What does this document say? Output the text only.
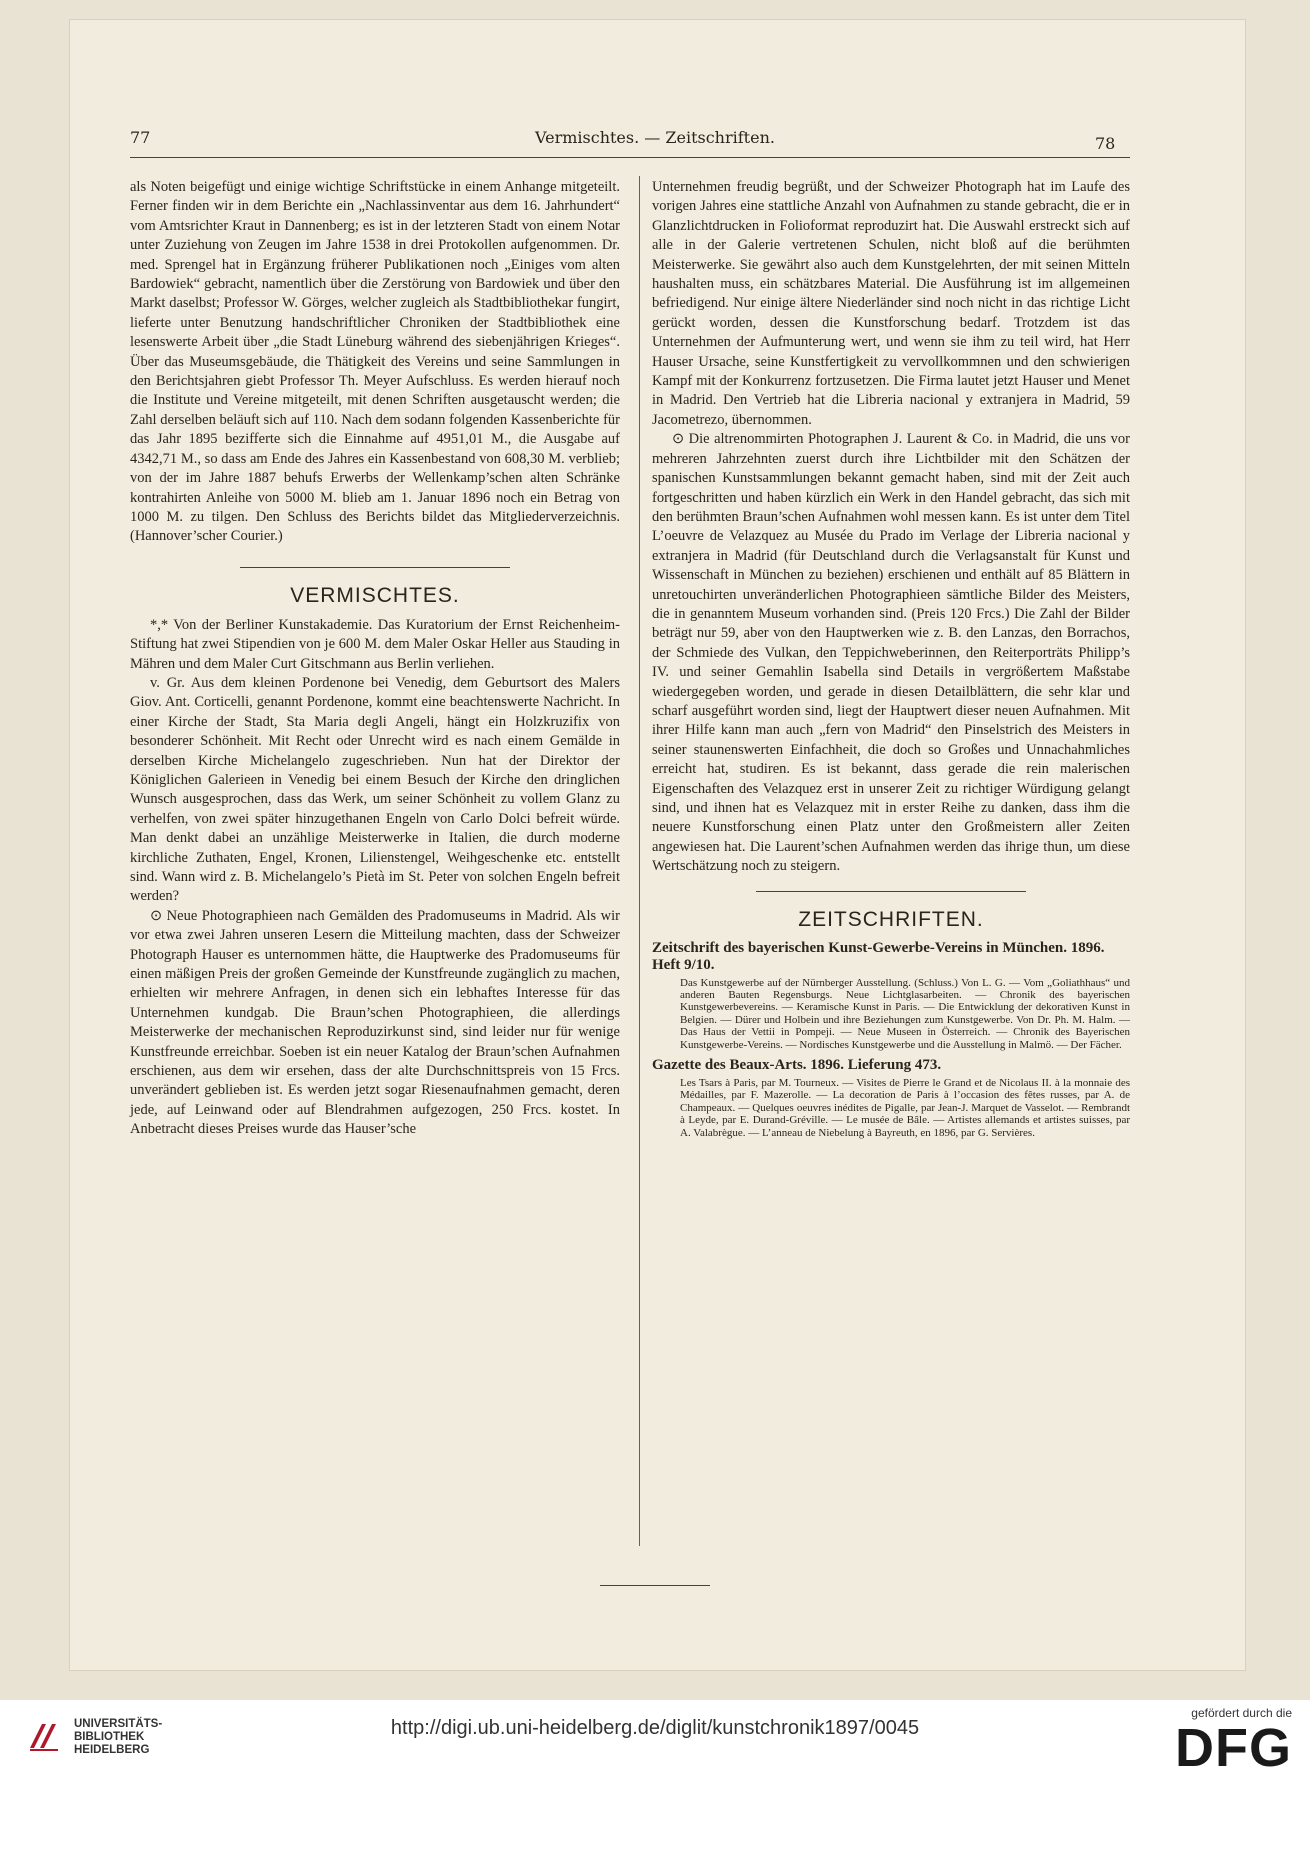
77	Vermischtes. — Zeitschriften.	78

als Noten beigefügt und einige wichtige Schriftstücke in einem Anhange mitgeteilt. Ferner finden wir in dem Berichte ein „Nachlassinventar aus dem 16. Jahrhundert“ vom Amtsrichter Kraut in Dannenberg; es ist in der letzteren Stadt von einem Notar unter Zuziehung von Zeugen im Jahre 1538 in drei Protokollen aufgenommen. Dr. med. Sprengel hat in Ergänzung früherer Publikationen noch „Einiges vom alten Bardowiek“ gebracht, namentlich über die Zerstörung von Bardowiek und über den Markt daselbst; Professor W. Görges, welcher zugleich als Stadtbibliothekar fungirt, lieferte unter Benutzung handschriftlicher Chroniken der Stadtbibliothek eine lesenswerte Arbeit über „die Stadt Lüneburg während des siebenjährigen Krieges“. Über das Museumsgebäude, die Thätigkeit des Vereins und seine Sammlungen in den Berichtsjahren giebt Professor Th. Meyer Aufschluss. Es werden hierauf noch die Institute und Vereine mitgeteilt, mit denen Schriften ausgetauscht werden; die Zahl derselben beläuft sich auf 110. Nach dem sodann folgenden Kassenberichte für das Jahr 1895 bezifferte sich die Einnahme auf 4951,01 M., die Ausgabe auf 4342,71 M., so dass am Ende des Jahres ein Kassenbestand von 608,30 M. verblieb; von der im Jahre 1887 behufs Erwerbs der Wellenkamp’schen alten Schränke kontrahirten Anleihe von 5000 M. blieb am 1. Januar 1896 noch ein Betrag von 1000 M. zu tilgen. Den Schluss des Berichts bildet das Mitgliederverzeichnis. (Hannover’scher Courier.)

VERMISCHTES.

*,* Von der Berliner Kunstakademie. Das Kuratorium der Ernst Reichenheim-Stiftung hat zwei Stipendien von je 600 M. dem Maler Oskar Heller aus Stauding in Mähren und dem Maler Curt Gitschmann aus Berlin verliehen.

v. Gr. Aus dem kleinen Pordenone bei Venedig, dem Geburtsort des Malers Giov. Ant. Corticelli, genannt Pordenone, kommt eine beachtenswerte Nachricht. In einer Kirche der Stadt, Sta Maria degli Angeli, hängt ein Holzkruzifix von besonderer Schönheit. Mit Recht oder Unrecht wird es nach einem Gemälde in derselben Kirche Michelangelo zugeschrieben. Nun hat der Direktor der Königlichen Galerieen in Venedig bei einem Besuch der Kirche den dringlichen Wunsch ausgesprochen, dass das Werk, um seiner Schönheit zu vollem Glanz zu verhelfen, von zwei später hinzugethanen Engeln von Carlo Dolci befreit würde. Man denkt dabei an unzählige Meisterwerke in Italien, die durch moderne kirchliche Zuthaten, Engel, Kronen, Lilienstengel, Weihgeschenke etc. entstellt sind. Wann wird z. B. Michelangelo’s Pietà im St. Peter von solchen Engeln befreit werden?

⊙ Neue Photographieen nach Gemälden des Pradomuseums in Madrid. Als wir vor etwa zwei Jahren unseren Lesern die Mitteilung machten, dass der Schweizer Photograph Hauser es unternommen hätte, die Hauptwerke des Pradomuseums für einen mäßigen Preis der großen Gemeinde der Kunstfreunde zugänglich zu machen, erhielten wir mehrere Anfragen, in denen sich ein lebhaftes Interesse für das Unternehmen kundgab. Die Braun’schen Photographieen, die allerdings Meisterwerke der mechanischen Reproduzirkunst sind, sind leider nur für wenige Kunstfreunde erreichbar. Soeben ist ein neuer Katalog der Braun’schen Aufnahmen erschienen, aus dem wir ersehen, dass der alte Durchschnittspreis von 15 Frcs. unverändert geblieben ist. Es werden jetzt sogar Riesenaufnahmen gemacht, deren jede, auf Leinwand oder auf Blendrahmen aufgezogen, 250 Frcs. kostet. In Anbetracht dieses Preises wurde das Hauser’sche

Unternehmen freudig begrüßt, und der Schweizer Photograph hat im Laufe des vorigen Jahres eine stattliche Anzahl von Aufnahmen zu stande gebracht, die er in Glanzlichtdrucken in Folioformat reproduzirt hat. Die Auswahl erstreckt sich auf alle in der Galerie vertretenen Schulen, nicht bloß auf die berühmten Meisterwerke. Sie gewährt also auch dem Kunstgelehrten, der mit seinen Mitteln haushalten muss, ein schätzbares Material. Die Ausführung ist im allgemeinen befriedigend. Nur einige ältere Niederländer sind noch nicht in das richtige Licht gerückt worden, dessen die Kunstforschung bedarf. Trotzdem ist das Unternehmen der Aufmunterung wert, und wenn sie ihm zu teil wird, hat Herr Hauser Ursache, seine Kunstfertigkeit zu vervollkommnen und den schwierigen Kampf mit der Konkurrenz fortzusetzen. Die Firma lautet jetzt Hauser und Menet in Madrid. Den Vertrieb hat die Libreria nacional y extranjera in Madrid, 59 Jacometrezo, übernommen.

⊙ Die altrenommirten Photographen J. Laurent & Co. in Madrid, die uns vor mehreren Jahrzehnten zuerst durch ihre Lichtbilder mit den Schätzen der spanischen Kunstsammlungen bekannt gemacht haben, sind mit der Zeit auch fortgeschritten und haben kürzlich ein Werk in den Handel gebracht, das sich mit den berühmten Braun’schen Aufnahmen wohl messen kann. Es ist unter dem Titel L’oeuvre de Velazquez au Musée du Prado im Verlage der Libreria nacional y extranjera in Madrid (für Deutschland durch die Verlagsanstalt für Kunst und Wissenschaft in München zu beziehen) erschienen und enthält auf 85 Blättern in unretouchirten unveränderlichen Photographieen sämtliche Bilder des Meisters, die in genanntem Museum vorhanden sind. (Preis 120 Frcs.) Die Zahl der Bilder beträgt nur 59, aber von den Hauptwerken wie z. B. den Lanzas, den Borrachos, der Schmiede des Vulkan, den Teppichweberinnen, den Reiterporträts Philipp’s IV. und seiner Gemahlin Isabella sind Details in vergrößertem Maßstabe wiedergegeben worden, und gerade in diesen Detailblättern, die sehr klar und scharf ausgeführt worden sind, liegt der Hauptwert dieser neuen Aufnahmen. Mit ihrer Hilfe kann man auch „fern von Madrid“ den Pinselstrich des Meisters in seiner staunenswerten Einfachheit, die doch so Großes und Unnachahmliches erreicht hat, studiren. Es ist bekannt, dass gerade die rein malerischen Eigenschaften des Velazquez erst in unserer Zeit zu richtiger Würdigung gelangt sind, und ihnen hat es Velazquez mit in erster Reihe zu danken, dass ihm die neuere Kunstforschung einen Platz unter den Großmeistern aller Zeiten angewiesen hat. Die Laurent’schen Aufnahmen werden das ihrige thun, um diese Wertschätzung noch zu steigern.

ZEITSCHRIFTEN.
Zeitschrift des bayerischen Kunst-Gewerbe-Vereins in München. 1896. Heft 9/10.
Das Kunstgewerbe auf der Nürnberger Ausstellung. (Schluss.) Von L. G. — Vom „Goliathhaus“ und anderen Bauten Regensburgs. Neue Lichtglasarbeiten. — Chronik des bayerischen Kunstgewerbevereins. — Keramische Kunst in Paris. — Die Entwicklung der dekorativen Kunst in Belgien. — Dürer und Holbein und ihre Beziehungen zum Kunstgewerbe. Von Dr. Ph. M. Halm. — Das Haus der Vettii in Pompeji. — Neue Museen in Österreich. — Chronik des Bayerischen Kunstgewerbe-Vereins. — Nordisches Kunstgewerbe und die Ausstellung in Malmö. — Der Fächer.
Gazette des Beaux-Arts. 1896. Lieferung 473.
Les Tsars à Paris, par M. Tourneux. — Visites de Pierre le Grand et de Nicolaus II. à la monnaie des Médailles, par F. Mazerolle. — La decoration de Paris à l’occasion des fêtes russes, par A. de Champeaux. — Quelques oeuvres inédites de Pigalle, par Jean-J. Marquet de Vasselot. — Rembrandt à Leyde, par E. Durand-Gréville. — Le musée de Bâle. — Artistes allemands et artistes suisses, par A. Valabrègue. — L’anneau de Niebelung à Bayreuth, en 1896, par G. Servières.
UNIVERSITÄTS-
BIBLIOTHEK
HEIDELBERG
http://digi.ub.uni-heidelberg.de/diglit/kunstchronik1897/0045
gefördert durch die
DFG
